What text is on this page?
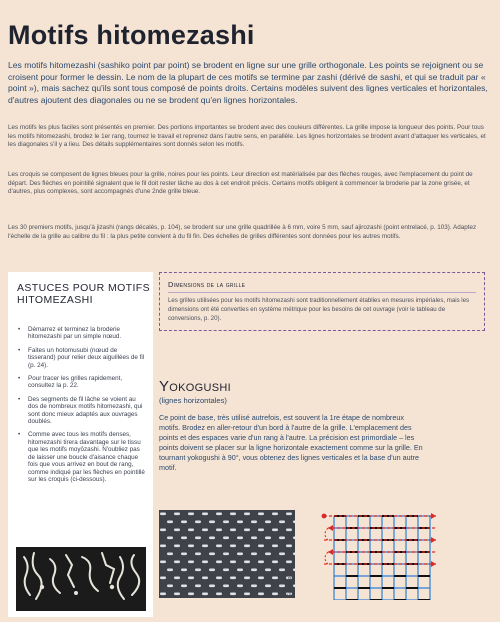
Motifs hitomezashi

Les motifs hitomezashi (sashiko point par point) se brodent en ligne sur une grille orthogonale. Les points se rejoignent ou se croisent pour former le dessin. Le nom de la plupart de ces motifs se termine par zashi (dérivé de sashi, et qui se traduit par « point »), mais sachez qu'ils sont tous composé de points droits. Certains modèles suivent des lignes verticales et horizontales, d'autres ajoutent des diagonales ou ne se brodent qu'en lignes horizontales.

Les motifs les plus faciles sont présentés en premier. Des portions importantes se brodent avec des couleurs différentes. La grille impose la longueur des points. Pour tous les motifs hitomezashi, brodez le 1er rang, tournez le travail et reprenez dans l'autre sens, en parallèle. Les lignes horizontales se brodent avant d'attaquer les verticales, et les diagonales s'il y a lieu. Des détails supplémentaires sont donnés selon les motifs.

Les croquis se composent de lignes bleues pour la grille, noires pour les points. Leur direction est matérialisée par des flèches rouges, avec l'emplacement du point de départ. Des flèches en pointillé signalent que le fil doit rester lâche au dos à cet endroit précis. Certains motifs obligent à commencer la broderie par la zone grisée, et d'autres, plus complexes, sont accompagnés d'une 2nde grille bleue.

Les 30 premiers motifs, jusqu'à jizashi (rangs décalés, p. 104), se brodent sur une grille quadrillée à 6 mm, voire 5 mm, sauf ajirozashi (point entrelacé, p. 103). Adaptez l'échelle de la grille au calibre du fil : la plus petite convient à du fil fin. Des échelles de grilles différentes sont données pour les autres motifs.

ASTUCES POUR MOTIFS HITOMEZASHI
• Démarrez et terminez la broderie hitomezashi par un simple nœud.
• Faites un hotomusubi (nœud de tisserand) pour relier deux aiguillées de fil (p. 24).
• Pour tracer les grilles rapidement, consultez la p. 22.
• Des segments de fil lâche se voient au dos de nombreux motifs hitomezashi, qui sont donc mieux adaptés aux ouvrages doublés.
• Comme avec tous les motifs denses, hitomezashi tirera davantage sur le tissu que les motifs moyōzashi. N'oubliez pas de laisser une boucle d'aisance chaque fois que vous arrivez en bout de rang, comme indiqué par les flèches en pointillé sur les croquis (ci-dessous).
Dimensions de la grille

Les grilles utilisées pour les motifs hitomezashi sont traditionnellement établies en mesures impériales, mais les dimensions ont été converties en système métrique pour les besoins de cet ouvrage (voir le tableau de conversions, p. 20).

Yokogushi
(lignes horizontales)

Ce point de base, très utilisé autrefois, est souvent la 1re étape de nombreux motifs. Brodez en aller-retour d'un bord à l'autre de la grille. L'emplacement des points et des espaces varie d'un rang à l'autre. La précision est primordiale – les points doivent se placer sur la ligne horizontale exactement comme sur la grille. En tournant yokogushi à 90°, vous obtenez des lignes verticales et la base d'un autre motif.

Gilles Hot
